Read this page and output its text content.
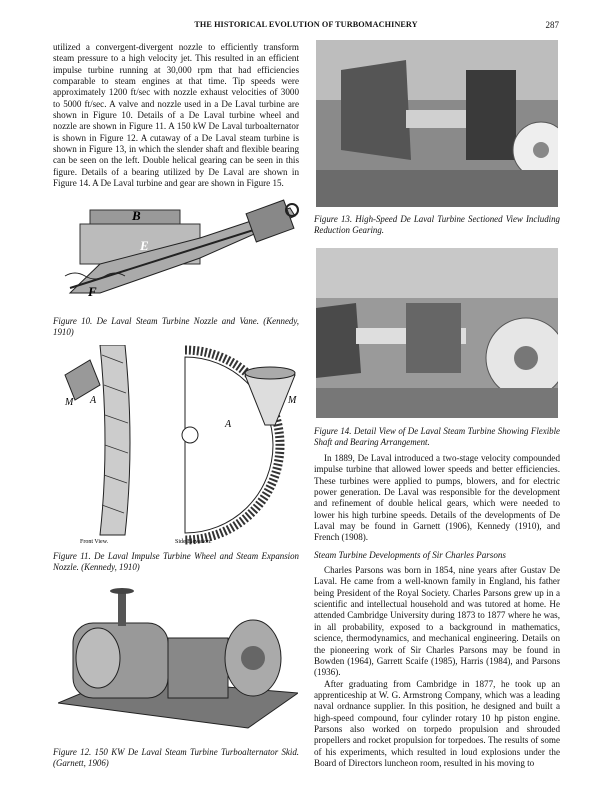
THE HISTORICAL EVOLUTION OF TURBOMACHINERY	287

utilized a convergent-divergent nozzle to efficiently transform steam pressure to a high velocity jet. This resulted in an efficient impulse turbine running at 30,000 rpm that had efficiencies comparable to steam engines at that time. Tip speeds were approximately 1200 ft/sec with nozzle exhaust velocities of 3000 to 5000 ft/sec. A valve and nozzle used in a De Laval turbine are shown in Figure 10. Details of a De Laval turbine wheel and nozzle are shown in Figure 11. A 150 kW De Laval turboalternator is shown in Figure 12. A cutaway of a De Laval steam turbine is shown in Figure 13, in which the slender shaft and flexible bearing can be seen on the left. Double helical gearing can be seen in this figure. Details of a bearing utilized by De Laval are shown in Figure 14. A De Laval turbine and gear are shown in Figure 15.

B
E
F
Figure 10. De Laval Steam Turbine Nozzle and Vane. (Kennedy, 1910)
M A
A
M
Front View.	Side Elevation.
Figure 11. De Laval Impulse Turbine Wheel and Steam Expansion Nozzle. (Kennedy, 1910)
Figure 12. 150 KW De Laval Steam Turbine Turboalternator Skid. (Garnett, 1906)
Figure 13. High-Speed De Laval Turbine Sectioned View Including Reduction Gearing.
Figure 14. Detail View of De Laval Steam Turbine Showing Flexible Shaft and Bearing Arrangement.

In 1889, De Laval introduced a two-stage velocity compounded impulse turbine that allowed lower speeds and better efficiencies. These turbines were applied to pumps, blowers, and for electric power generation. De Laval was responsible for the development and refinement of double helical gears, which were needed to lower his high turbine speeds. Details of the developments of De Laval may be found in Garnett (1906), Kennedy (1910), and French (1908).

Steam Turbine Developments of Sir Charles Parsons

Charles Parsons was born in 1854, nine years after Gustav De Laval. He came from a well-known family in England, his father being President of the Royal Society. Charles Parsons grew up in a scientific and intellectual household and was tutored at home. He attended Cambridge University during 1873 to 1877 where he was, in all probability, exposed to a background in mathematics, science, thermodynamics, and mechanical engineering. Details on the pioneering work of Sir Charles Parsons may be found in Bowden (1964), Garrett Scaife (1985), Harris (1984), and Parsons (1936).

After graduating from Cambridge in 1877, he took up an apprenticeship at W. G. Armstrong Company, which was a leading naval ordnance supplier. In this position, he designed and built a high-speed compound, four cylinder rotary 10 hp piston engine. Parsons also worked on torpedo propulsion and shrouded propellers and rocket propulsion for torpedoes. The results of some of his experiments, which resulted in loud explosions under the Board of Directors luncheon room, resulted in his moving to
